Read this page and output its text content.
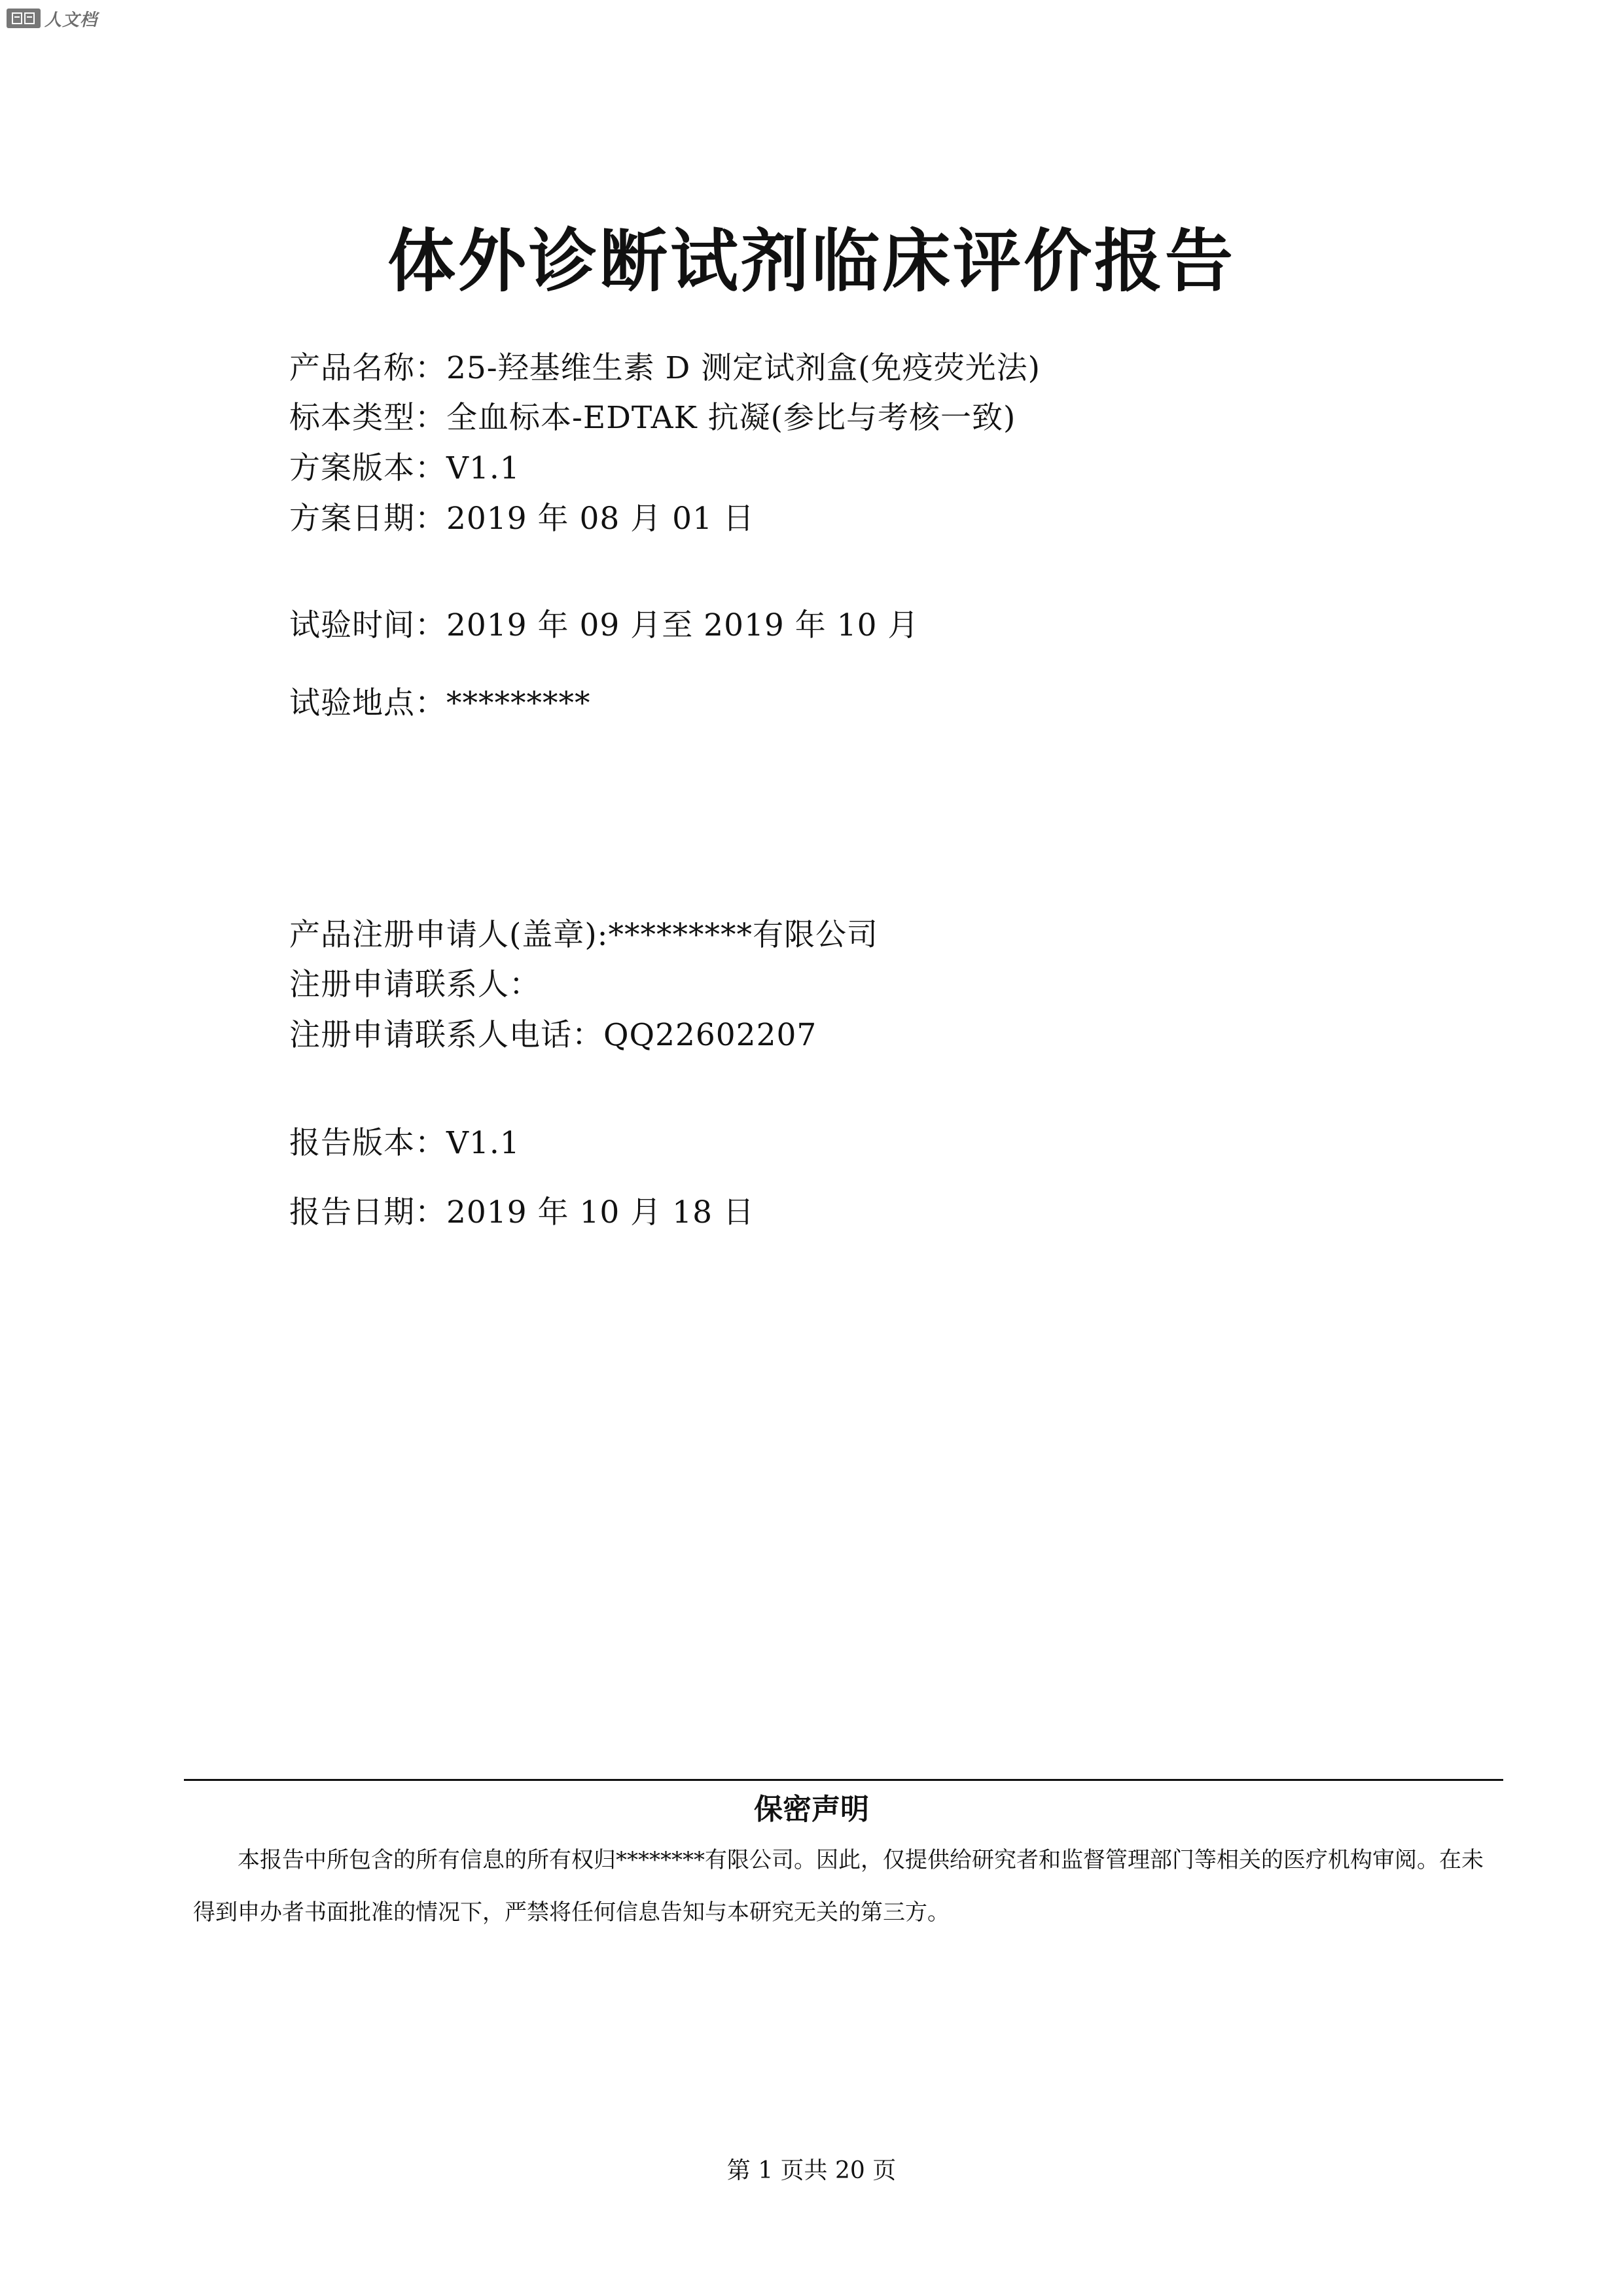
人文档
体外诊断试剂临床评价报告
产品名称：25-羟基维生素 D 测定试剂盒(免疫荧光法)
标本类型：全血标本-EDTAK 抗凝(参比与考核一致)
方案版本：V1.1
方案日期：2019 年 08 月 01 日
试验时间：2019 年 09 月至 2019 年 10 月
试验地点：*********
产品注册申请人(盖章):*********有限公司
注册申请联系人：
注册申请联系人电话：QQ22602207
报告版本：V1.1
报告日期：2019 年 10 月 18 日
保密声明
本报告中所包含的所有信息的所有权归********有限公司。因此，仅提供给研究者和监督管理部门等相关的医疗机构审阅。在未得到申办者书面批准的情况下，严禁将任何信息告知与本研究无关的第三方。
第 1 页共 20 页
